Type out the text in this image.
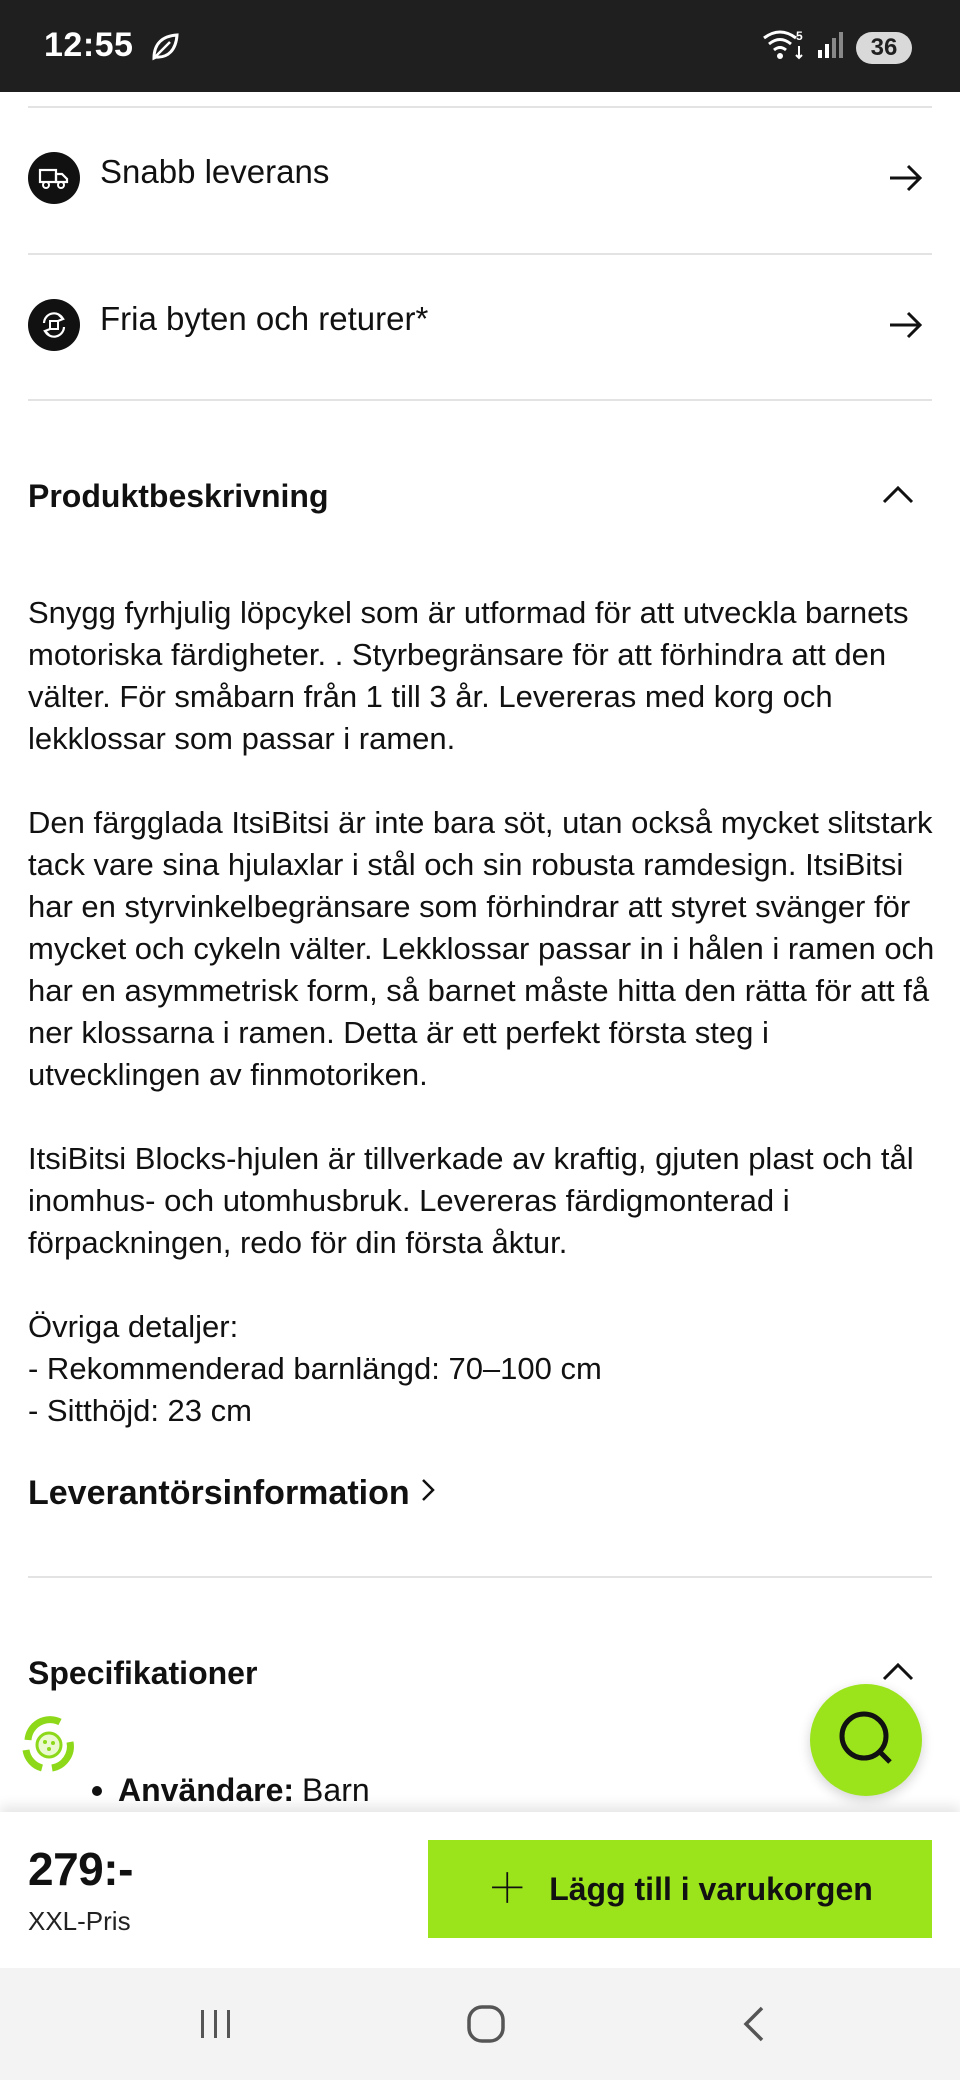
12:55	5	36
Snabb leverans
Fria byten och returer*
Produktbeskrivning

Snygg fyrhjulig löpcykel som är utformad för att utveckla barnets motoriska färdigheter. . Styrbegränsare för att förhindra att den välter. För småbarn från 1 till 3 år. Levereras med korg och lekklossar som passar i ramen.

Den färgglada ItsiBitsi är inte bara söt, utan också mycket slitstark tack vare sina hjulaxlar i stål och sin robusta ramdesign. ItsiBitsi har en styrvinkelbegränsare som förhindrar att styret svänger för mycket och cykeln välter. Lekklossar passar in i hålen i ramen och har en asymmetrisk form, så barnet måste hitta den rätta för att få ner klossarna i ramen. Detta är ett perfekt första steg i utvecklingen av finmotoriken.

ItsiBitsi Blocks-hjulen är tillverkade av kraftig, gjuten plast och tål inomhus- och utomhusbruk. Levereras färdigmonterad i förpackningen, redo för din första åktur.

Övriga detaljer:

- Rekommenderad barnlängd: 70–100 cm

- Sitthöjd: 23 cm

Leverantörsinformation
Specifikationer
Användare: Barn
279:-
XXL-Pris
＋ Lägg till i varukorgen
